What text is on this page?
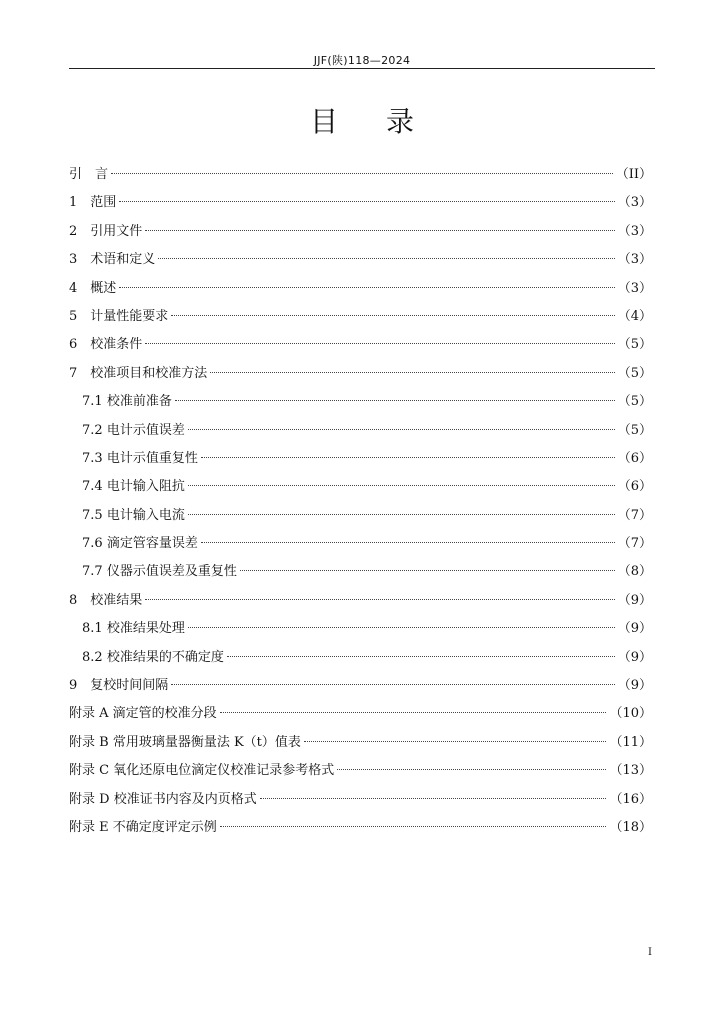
JJF(陕)118—2024
目录
引　言	（II）
1　 范围	（3）
2　 引用文件	（3）
3　 术语和定义	（3）
4　 概述	（3）
5　 计量性能要求	（4）
6　 校准条件	（5）
7　 校准项目和校准方法	（5）
7.1 校准前准备	（5）
7.2 电计示值误差	（5）
7.3 电计示值重复性	（6）
7.4 电计输入阻抗	（6）
7.5 电计输入电流	（7）
7.6 滴定管容量误差	（7）
7.7 仪器示值误差及重复性	（8）
8　 校准结果	（9）
8.1 校准结果处理	（9）
8.2 校准结果的不确定度	（9）
9　 复校时间间隔	（9）
附录 A 滴定管的校准分段	（10）
附录 B 常用玻璃量器衡量法 K（t）值表	（11）
附录 C 氧化还原电位滴定仪校准记录参考格式	（13）
附录 D 校准证书内容及内页格式	（16）
附录 E 不确定度评定示例	（18）
I
